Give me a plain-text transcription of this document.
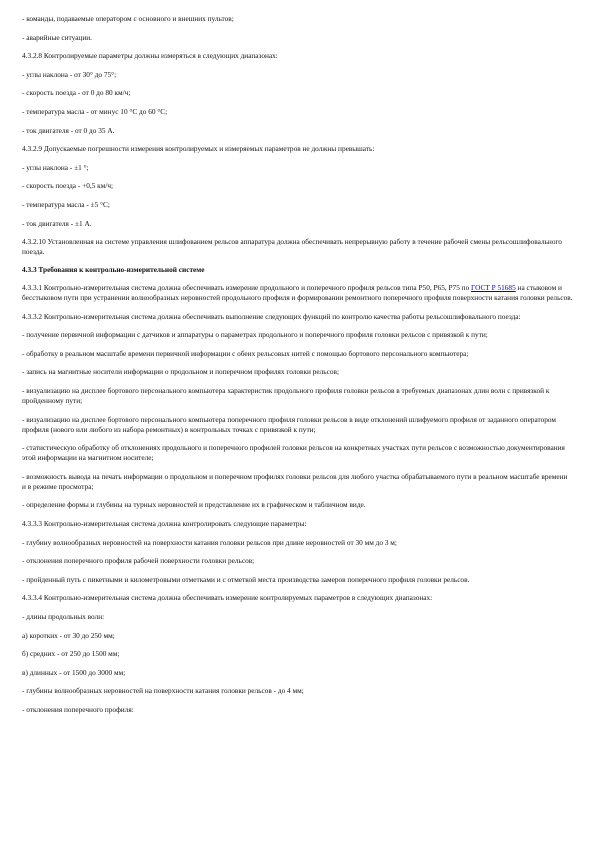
- команды, подаваемые оператором с основного и внешних пультов;

- аварийные ситуации.

4.3.2.8 Контролируемые параметры должны измеряться в следующих диапазонах:

- углы наклона - от 30° до 75°;

- скорость поезда - от 0 до 80 км/ч;

- температура масла - от минус 10 °С до 60 °С;

- ток двигателя - от 0 до 35 А.

4.3.2.9 Допускаемые погрешности измерения контролируемых и измеряемых параметров не должны превышать:

- углы наклона - ±1 °;

- скорость поезда - +0,5 км/ч;

- температура масла - ±5 °С;

- ток двигателя - ±1 А.

4.3.2.10 Установленная на системе управления шлифованием рельсов аппаратура должна обеспечивать непрерывную работу в течение рабочей смены рельсошлифовального поезда.

4.3.3 Требования к контрольно-измерительной системе

4.3.3.1 Контрольно-измерительная система должна обеспечивать измерение продольного и поперечного профиля рельсов типа Р50, Р65, Р75 по ГОСТ Р 51685 на стыковом и бесстыковом пути при устранении волнообразных неровностей продольного профиля и формировании ремонтного поперечного профиля поверхности катания головки рельсов.

4.3.3.2 Контрольно-измерительная система должна обеспечивать выполнение следующих функций по контролю качества работы рельсошлифовального поезда:

- получение первичной информации с датчиков и аппаратуры о параметрах продольного и поперечного профиля головки рельсов с привязкой к пути;

- обработку в реальном масштабе времени первичной информации с обеих рельсовых нитей с помощью бортового персонального компьютера;

- запись на магнитные носители информации о продольном и поперечном профилях головки рельсов;

- визуализацию на дисплее бортового персонального компьютера характеристик продольного профиля головки рельсов в требуемых диапазонах длин волн с привязкой к пройденному пути;

- визуализацию на дисплее бортового персонального компьютера поперечного профиля головки рельсов в виде отклонений шлифуемого профиля от заданного оператором профиля (нового или любого из набора ремонтных) в контрольных точках с привязкой к пути;

- статистическую обработку об отклонениях продольного и поперечного профилей головки рельсов на конкретных участках пути рельсов с возможностью документирования этой информации на магнитном носителе;

- возможность вывода на печать информации о продольном и поперечном профилях головки рельсов для любого участка обрабатываемого пути в реальном масштабе времени и в режиме просмотра;

- определение формы и глубины на турных неровностей и представление их в графическом и табличном виде.

4.3.3.3 Контрольно-измерительная система должна контролировать следующие параметры:

- глубину волнообразных неровностей на поверхности катания головки рельсов при длине неровностей от 30 мм до 3 м;

- отклонения поперечного профиля рабочей поверхности головки рельсов;

- пройденный путь с пикетными и километровыми отметками и с отметкой места производства замеров поперечного профиля головки рельсов.

4.3.3.4 Контрольно-измерительная система должна обеспечивать измерение контролируемых параметров в следующих диапазонах:

- длины продольных волн:

а) коротких - от 30 до 250 мм;

б) средних - от 250 до 1500 мм;

в) длинных - от 1500 до 3000 мм;

- глубины волнообразных неровностей на поверхности катания головки рельсов - до 4 мм;

- отклонения поперечного профиля:
